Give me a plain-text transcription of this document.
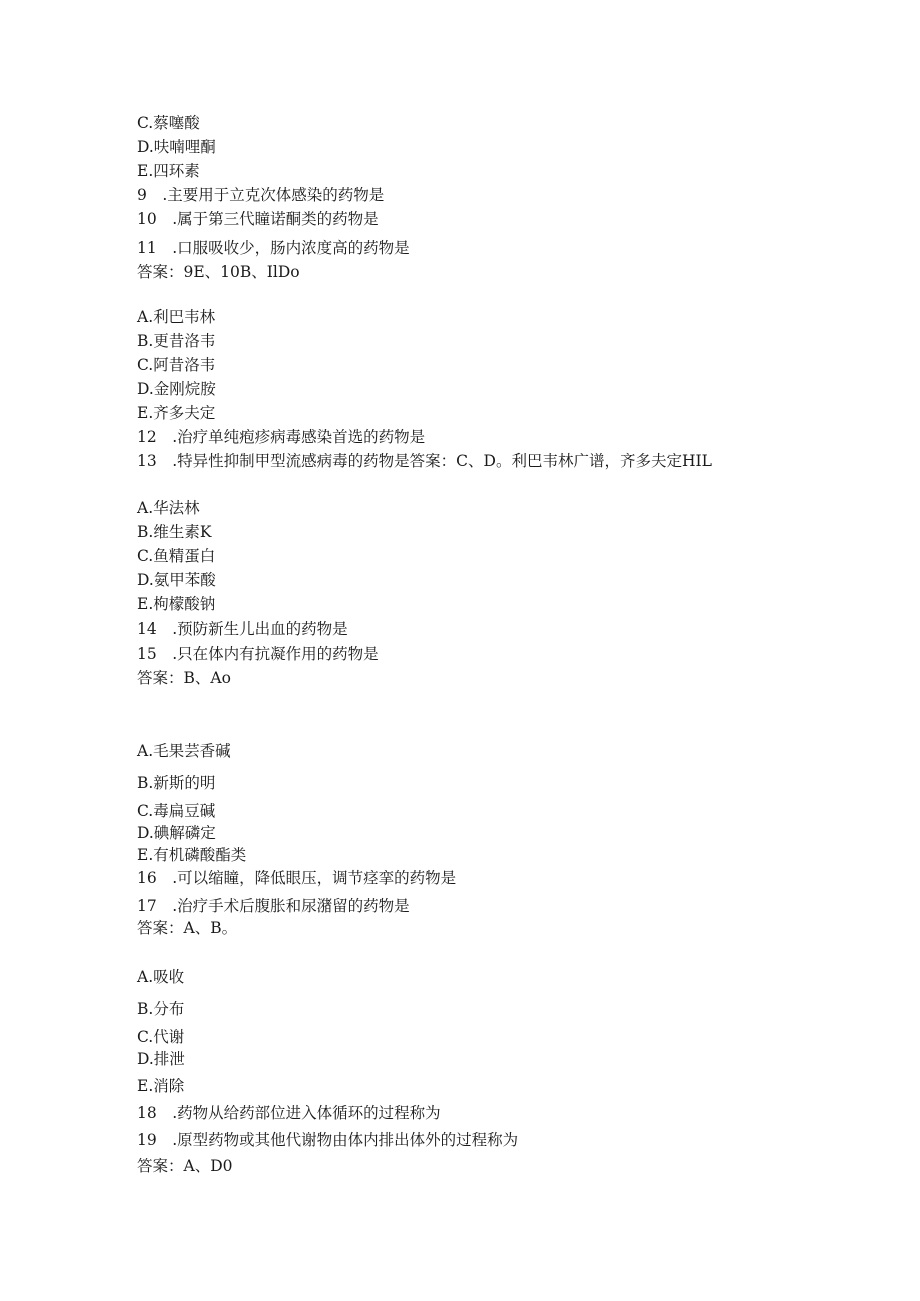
C.蔡噻酸
D.呋喃哩酮
E.四环素
9　.主要用于立克次体感染的药物是
10　.属于第三代瞳诺酮类的药物是
11　.口服吸收少，肠内浓度高的药物是
答案：9E、10B、IlDo
A.利巴韦林
B.更昔洛韦
C.阿昔洛韦
D.金刚烷胺
E.齐多夫定
12　.治疗单纯疱疹病毒感染首选的药物是
13　.特异性抑制甲型流感病毒的药物是答案：C、D。利巴韦林广谱，齐多夫定HIL
A.华法林
B.维生素K
C.鱼精蛋白
D.氨甲苯酸
E.枸檬酸钠
14　.预防新生儿出血的药物是
15　.只在体内有抗凝作用的药物是
答案：B、Ao
A.毛果芸香碱
B.新斯的明
C.毒扁豆碱
D.碘解磷定
E.有机磷酸酯类
16　.可以缩瞳，降低眼压，调节痉挛的药物是
17　.治疗手术后腹胀和尿潴留的药物是
答案：A、B。
A.吸收
B.分布
C.代谢
D.排泄
E.消除
18　.药物从给药部位进入体循环的过程称为
19　.原型药物或其他代谢物由体内排出体外的过程称为
答案：A、D0
